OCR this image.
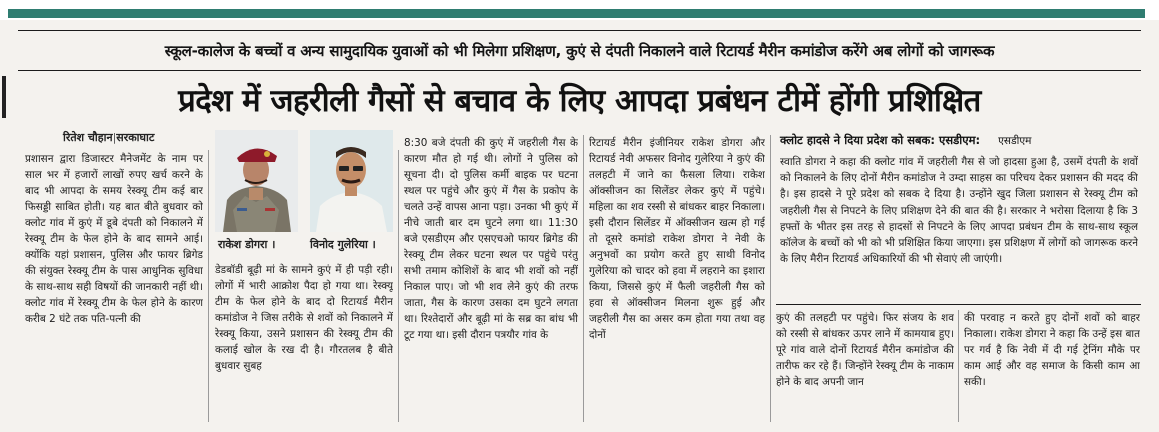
स्कूल-कालेज के बच्चों व अन्य सामुदायिक युवाओं को भी मिलेगा प्रशिक्षण, कुएं से दंपती निकालने वाले रिटायर्ड मैरीन कमांडोज करेंगे अब लोगों को जागरूक
प्रदेश में जहरीली गैसों से बचाव के लिए आपदा प्रबंधन टीमें होंगी प्रशिक्षित
रितेश चौहान|सरकाघाट

प्रशासन द्वारा डिजास्टर मैनेजमेंट के नाम पर साल भर में हजारों लाखों रुपए खर्च करने के बाद भी आपदा के समय रेस्क्यू टीम कई बार फिसड्डी साबित होती। यह बात बीते बुधवार को क्लोट गांव में कुएं में डूबे दंपती को निकालने में रेस्क्यू टीम के फेल होने के बाद सामने आई। क्योंकि यहां प्रशासन, पुलिस और फायर ब्रिगेड की संयुक्त रेस्क्यू टीम के पास आधुनिक सुविधा के साथ-साथ सही विषयों की जानकारी नहीं थी। क्लोट गांव में रेस्क्यू टीम के फेल होने के कारण करीब 2 घंटे तक पति-पत्नी की

राकेश डोगरा ।	विनोद गुलेरिया ।

डेडबॉडी बूढ़ी मां के सामने कुएं में ही पड़ी रही। लोगों में भारी आक्रोश पैदा हो गया था। रेस्क्यू टीम के फेल होने के बाद दो रिटायर्ड मैरीन कमांडोज ने जिस तरीके से शवों को निकालने में रेस्क्यू किया, उसने प्रशासन की रेस्क्यू टीम की कलाई खोल के रख दी है। गौरतलब है बीते बुधवार सुबह

8:30 बजे दंपती की कुएं में जहरीली गैस के कारण मौत हो गई थी। लोगों ने पुलिस को सूचना दी। दो पुलिस कर्मी बाइक पर घटना स्थल पर पहुंचे और कुएं में गैस के प्रकोप के चलते उन्हें वापस आना पड़ा। उनका भी कुएं में नीचे जाती बार दम घुटने लगा था। 11:30 बजे एसडीएम और एसएचओ फायर ब्रिगेड की रेस्क्यू टीम लेकर घटना स्थल पर पहुंचे परंतु सभी तमाम कोशिशें के बाद भी शवों को नहीं निकाल पाए। जो भी शव लेने कुएं की तरफ जाता, गैस के कारण उसका दम घुटने लगता था। रिश्तेदारों और बूढ़ी मां के सब्र का बांध भी टूट गया था। इसी दौरान पत्रयौर गांव के

रिटायर्ड मैरीन इंजीनियर राकेश डोगरा और रिटायर्ड नेवी अफसर विनोद गुलेरिया ने कुएं की तलहटी में जाने का फैसला लिया। राकेश ऑक्सीजन का सिलेंडर लेकर कुएं में पहुंचे। महिला का शव रस्सी से बांधकर बाहर निकाला। इसी दौरान सिलेंडर में ऑक्सीजन खत्म हो गई तो दूसरे कमांडो राकेश डोगरा ने नेवी के अनुभवों का प्रयोग करते हुए साथी विनोद गुलेरिया को चादर को हवा में लहराने का इशारा किया, जिससे कुएं में फैली जहरीली गैस को हवा से ऑक्सीजन मिलना शुरू हुई और जहरीली गैस का असर कम होता गया तथा वह दोनों

क्लोट हादसे ने दिया प्रदेश को सबक: एसडीएम: एसडीएम

स्वाति डोगरा ने कहा की क्लोट गांव में जहरीली गैस से जो हादसा हुआ है, उसमें दंपती के शवों को निकालने के लिए दोनों मैरीन कमांडोज ने उम्दा साहस का परिचय देकर प्रशासन की मदद की है। इस हादसे ने पूरे प्रदेश को सबक दे दिया है। उन्होंने खुद जिला प्रशासन से रेस्क्यू टीम को जहरीली गैस से निपटने के लिए प्रशिक्षण देने की बात की है। सरकार ने भरोसा दिलाया है कि 3 हफ्तों के भीतर इस तरह से हादसों से निपटने के लिए आपदा प्रबंधन टीम के साथ-साथ स्कूल कॉलेज के बच्चों को भी को भी प्रशिक्षित किया जाएगा। इस प्रशिक्षण में लोगों को जागरूक करने के लिए मैरीन रिटायर्ड अधिकारियों की भी सेवाएं ली जाएंगी।

कुएं की तलहटी पर पहुंचे। फिर संजय के शव को रस्सी से बांधकर ऊपर लाने में कामयाब हुए। पूरे गांव वाले दोनों रिटायर्ड मैरीन कमांडोज की तारीफ कर रहे हैं। जिन्होंने रेस्क्यू टीम के नाकाम होने के बाद अपनी जान

की परवाह न करते हुए दोनों शवों को बाहर निकाला। राकेश डोगरा ने कहा कि उन्हें इस बात पर गर्व है कि नेवी में दी गई ट्रेनिंग मौके पर काम आई और वह समाज के किसी काम आ सकी।
